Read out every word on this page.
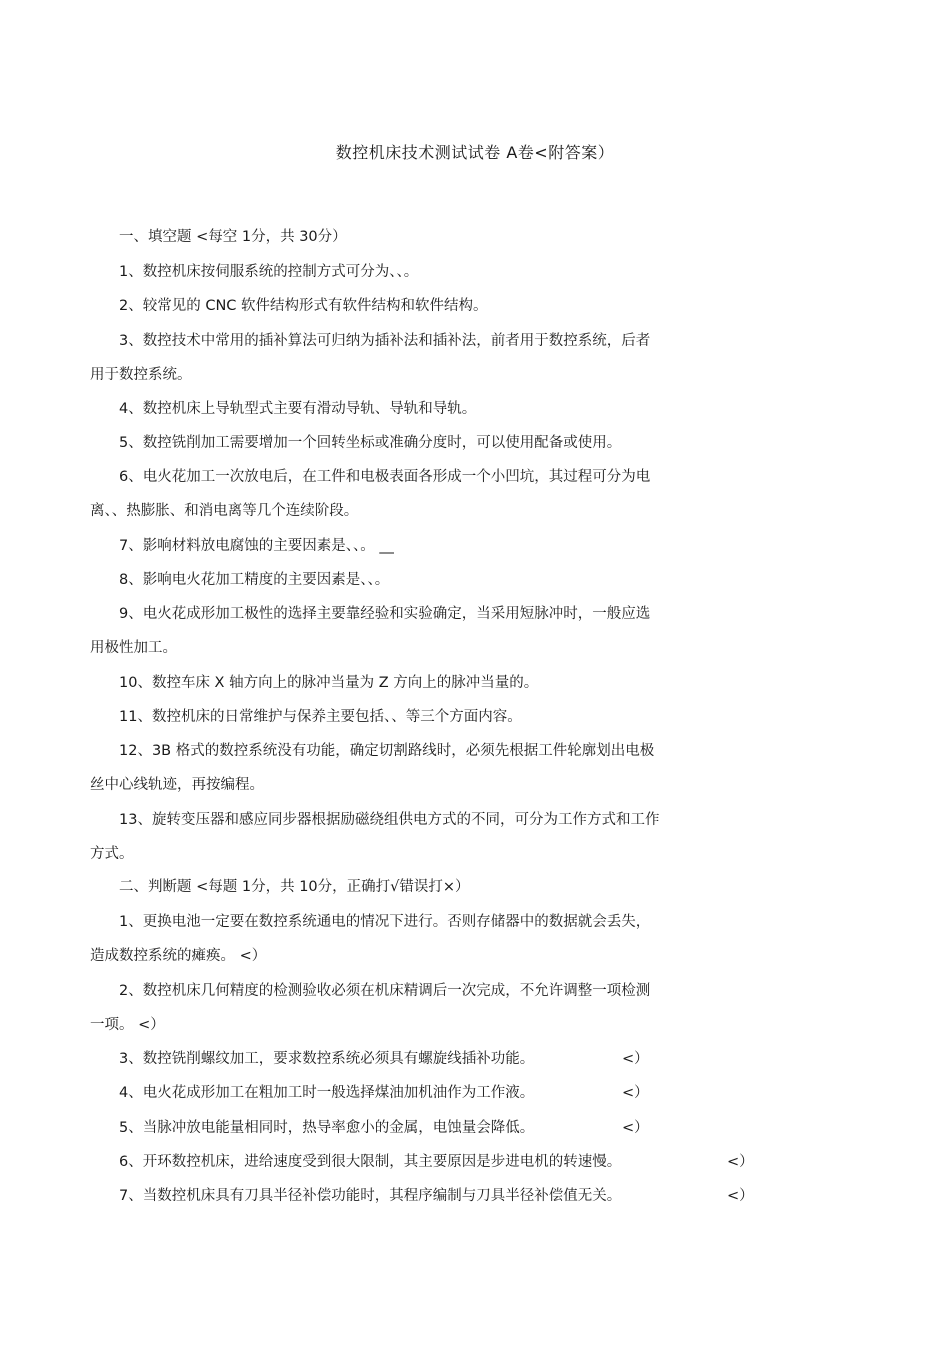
数控机床技术测试试卷 A卷<附答案）
一、填空题 <每空 1分，共 30分）
1、数控机床按伺服系统的控制方式可分为、、。
2、较常见的 CNC 软件结构形式有软件结构和软件结构。
3、数控技术中常用的插补算法可归纳为插补法和插补法，前者用于数控系统，后者
用于数控系统。
4、数控机床上导轨型式主要有滑动导轨、导轨和导轨。
5、数控铣削加工需要增加一个回转坐标或准确分度时，可以使用配备或使用。
6、电火花加工一次放电后，在工件和电极表面各形成一个小凹坑，其过程可分为电
离、、热膨胀、和消电离等几个连续阶段。
7、影响材料放电腐蚀的主要因素是、、。 __
8、影响电火花加工精度的主要因素是、、。
9、电火花成形加工极性的选择主要靠经验和实验确定，当采用短脉冲时，一般应选
用极性加工。
10、数控车床 X 轴方向上的脉冲当量为 Z 方向上的脉冲当量的。
11、数控机床的日常维护与保养主要包括、、等三个方面内容。
12、3B 格式的数控系统没有功能，确定切割路线时，必须先根据工件轮廓划出电极
丝中心线轨迹，再按编程。
13、旋转变压器和感应同步器根据励磁绕组供电方式的不同，可分为工作方式和工作
方式。
二、判断题 <每题 1分，共 10分，正确打√错误打×）
1、更换电池一定要在数控系统通电的情况下进行。否则存储器中的数据就会丢失，
造成数控系统的瘫痪。 <）
2、数控机床几何精度的检测验收必须在机床精调后一次完成，不允许调整一项检测
一项。 <）
3、数控铣削螺纹加工，要求数控系统必须具有螺旋线插补功能。	<）
4、电火花成形加工在粗加工时一般选择煤油加机油作为工作液。	<）
5、当脉冲放电能量相同时，热导率愈小的金属，电蚀量会降低。	<）
6、开环数控机床，进给速度受到很大限制，其主要原因是步进电机的转速慢。	<）
7、当数控机床具有刀具半径补偿功能时，其程序编制与刀具半径补偿值无关。	<）
